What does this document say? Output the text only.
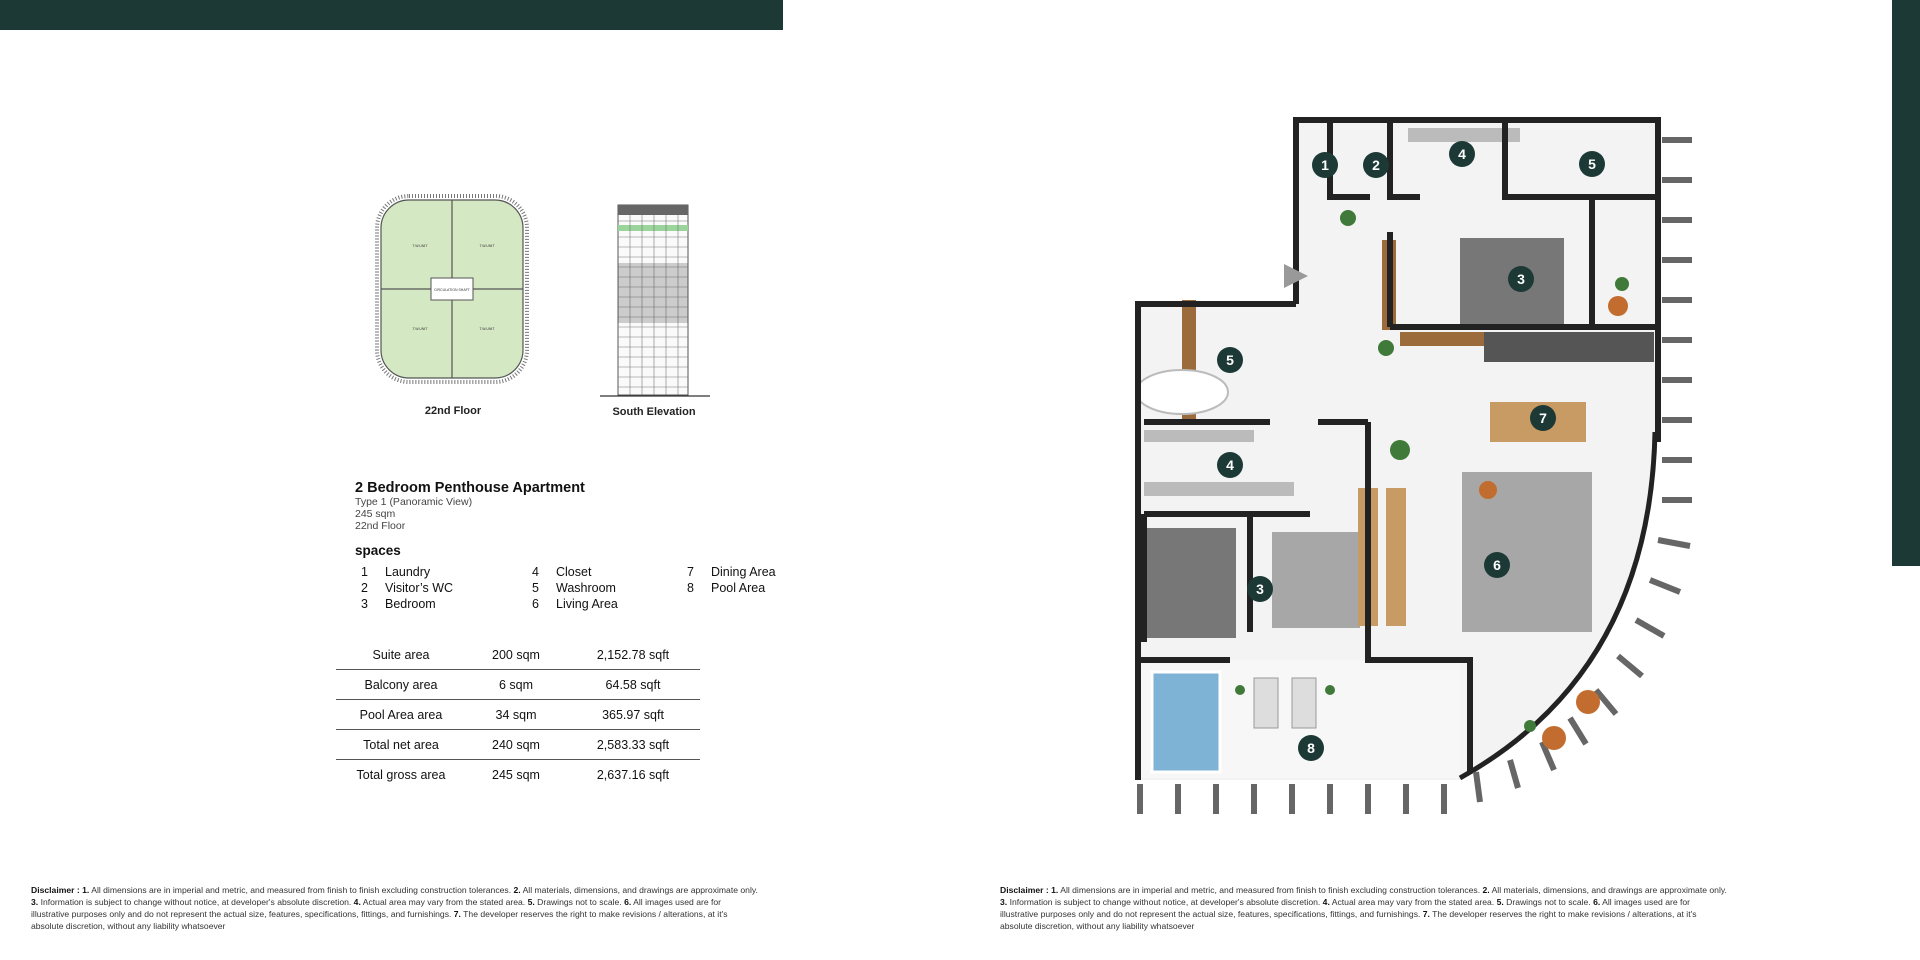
CIRCULATION SHAFT
T.W.UNIT	T.W.UNIT
T.W.UNIT	T.W.UNIT
22nd Floor	South Elevation
2 Bedroom Penthouse Apartment
Type 1 (Panoramic View)
245 sqm
22nd Floor
spaces
1 Laundry
2 Visitor’s WC
3 Bedroom
4 Closet
5 Washroom
6 Living Area
7 Dining Area
8 Pool Area
Suite area	200 sqm	2,152.78 sqft
Balcony area	6 sqm	64.58 sqft
Pool Area area	34 sqm	365.97 sqft
Total net area	240 sqm	2,583.33 sqft
Total gross area	245 sqm	2,637.16 sqft
1	2
4
5
3
5
7
4
6
3
8
Disclaimer : 1. All dimensions are in imperial and metric, and measured from finish to finish excluding construction tolerances. 2. All materials, dimensions, and drawings are approximate only. 3. Information is subject to change without notice, at developer's absolute discretion. 4. Actual area may vary from the stated area. 5. Drawings not to scale. 6. All images used are for illustrative purposes only and do not represent the actual size, features, specifications, fittings, and furnishings. 7. The developer reserves the right to make revisions / alterations, at it's absolute discretion, without any liability whatsoever
Disclaimer : 1. All dimensions are in imperial and metric, and measured from finish to finish excluding construction tolerances. 2. All materials, dimensions, and drawings are approximate only. 3. Information is subject to change without notice, at developer's absolute discretion. 4. Actual area may vary from the stated area. 5. Drawings not to scale. 6. All images used are for illustrative purposes only and do not represent the actual size, features, specifications, fittings, and furnishings. 7. The developer reserves the right to make revisions / alterations, at it's absolute discretion, without any liability whatsoever
